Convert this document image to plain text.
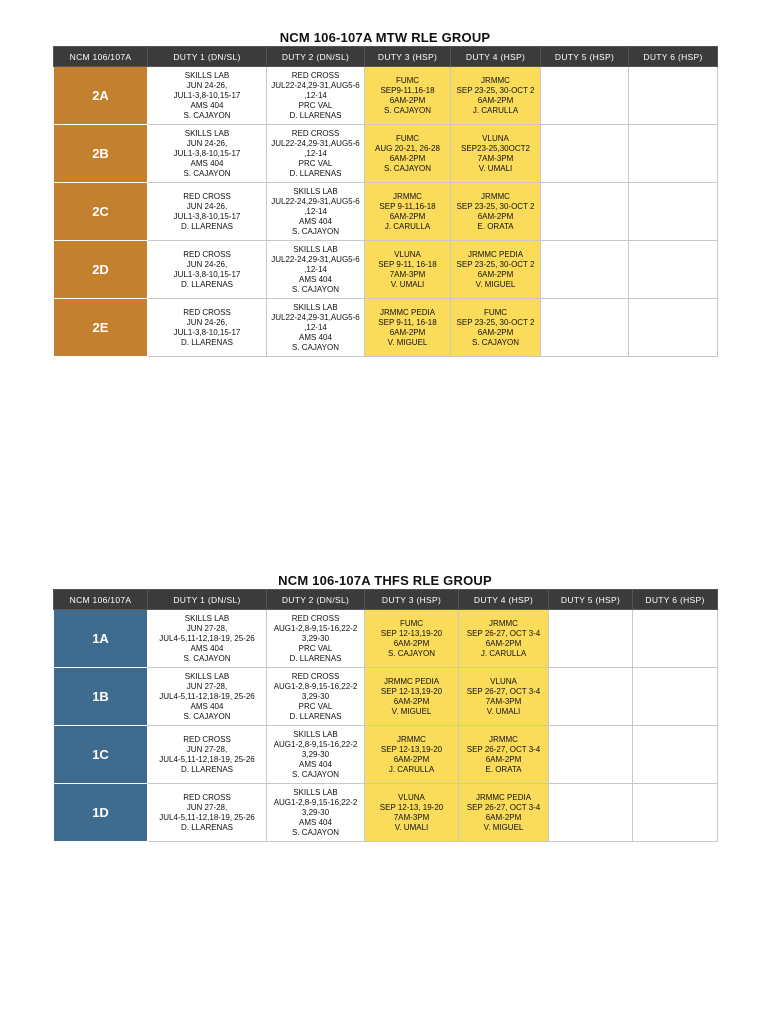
NCM 106-107A MTW RLE GROUP
NCM 106/107A	DUTY 1 (DN/SL)	DUTY 2 (DN/SL)	DUTY 3 (HSP)	DUTY 4 (HSP)	DUTY 5 (HSP)	DUTY 6 (HSP)
2A	SKILLS LAB
JUN 24-26,
JUL1-3,8-10,15-17
AMS 404
S. CAJAYON	RED CROSS
JUL22-24,29-31,AUG5-6
,12-14
PRC VAL
D. LLARENAS	FUMC
SEP9-11,16-18
6AM-2PM
S. CAJAYON	JRMMC
SEP 23-25, 30-OCT 2
6AM-2PM
J. CARULLA		

2B	SKILLS LAB
JUN 24-26,
JUL1-3,8-10,15-17
AMS 404
S. CAJAYON	RED CROSS
JUL22-24,29-31,AUG5-6
,12-14
PRC VAL
D. LLARENAS	FUMC
AUG 20-21, 26-28
6AM-2PM
S. CAJAYON	VLUNA
SEP23-25,30OCT2
7AM-3PM
V. UMALI		

2C	RED CROSS
JUN 24-26,
JUL1-3,8-10,15-17
D. LLARENAS	SKILLS LAB
JUL22-24,29-31,AUG5-6
,12-14
AMS 404
S. CAJAYON	JRMMC
SEP 9-11,16-18
6AM-2PM
J. CARULLA	JRMMC
SEP 23-25, 30-OCT 2
6AM-2PM
E. ORATA		

2D	RED CROSS
JUN 24-26,
JUL1-3,8-10,15-17
D. LLARENAS	SKILLS LAB
JUL22-24,29-31,AUG5-6
,12-14
AMS 404
S. CAJAYON	VLUNA
SEP 9-11, 16-18
7AM-3PM
V. UMALI	JRMMC PEDIA
SEP 23-25, 30-OCT 2
6AM-2PM
V. MIGUEL		

2E	RED CROSS
JUN 24-26,
JUL1-3,8-10,15-17
D. LLARENAS	SKILLS LAB
JUL22-24,29-31,AUG5-6
,12-14
AMS 404
S. CAJAYON	JRMMC PEDIA
SEP 9-11, 16-18
6AM-2PM
V. MIGUEL	FUMC
SEP 23-25, 30-OCT 2
6AM-2PM
S. CAJAYON		

NCM 106-107A THFS RLE GROUP
NCM 106/107A	DUTY 1 (DN/SL)	DUTY 2 (DN/SL)	DUTY 3 (HSP)	DUTY 4 (HSP)	DUTY 5 (HSP)	DUTY 6 (HSP)
1A	SKILLS LAB
JUN 27-28,
JUL4-5,11-12,18-19, 25-26
AMS 404
S. CAJAYON	RED CROSS
AUG1-2,8-9,15-16,22-2
3,29-30
PRC VAL
D. LLARENAS	FUMC
SEP 12-13,19-20
6AM-2PM
S. CAJAYON	JRMMC
SEP 26-27, OCT 3-4
6AM-2PM
J. CARULLA		

1B	SKILLS LAB
JUN 27-28,
JUL4-5,11-12,18-19, 25-26
AMS 404
S. CAJAYON	RED CROSS
AUG1-2,8-9,15-16,22-2
3,29-30
PRC VAL
D. LLARENAS	JRMMC PEDIA
SEP 12-13,19-20
6AM-2PM
V. MIGUEL	VLUNA
SEP 26-27, OCT 3-4
7AM-3PM
V. UMALI		

1C	RED CROSS
JUN 27-28,
JUL4-5,11-12,18-19, 25-26
D. LLARENAS	SKILLS LAB
AUG1-2,8-9,15-16,22-2
3,29-30
AMS 404
S. CAJAYON	JRMMC
SEP 12-13,19-20
6AM-2PM
J. CARULLA	JRMMC
SEP 26-27, OCT 3-4
6AM-2PM
E. ORATA		

1D	RED CROSS
JUN 27-28,
JUL4-5,11-12,18-19, 25-26
D. LLARENAS	SKILLS LAB
AUG1-2,8-9,15-16,22-2
3,29-30
AMS 404
S. CAJAYON	VLUNA
SEP 12-13, 19-20
7AM-3PM
V. UMALI	JRMMC PEDIA
SEP 26-27, OCT 3-4
6AM-2PM
V. MIGUEL		
